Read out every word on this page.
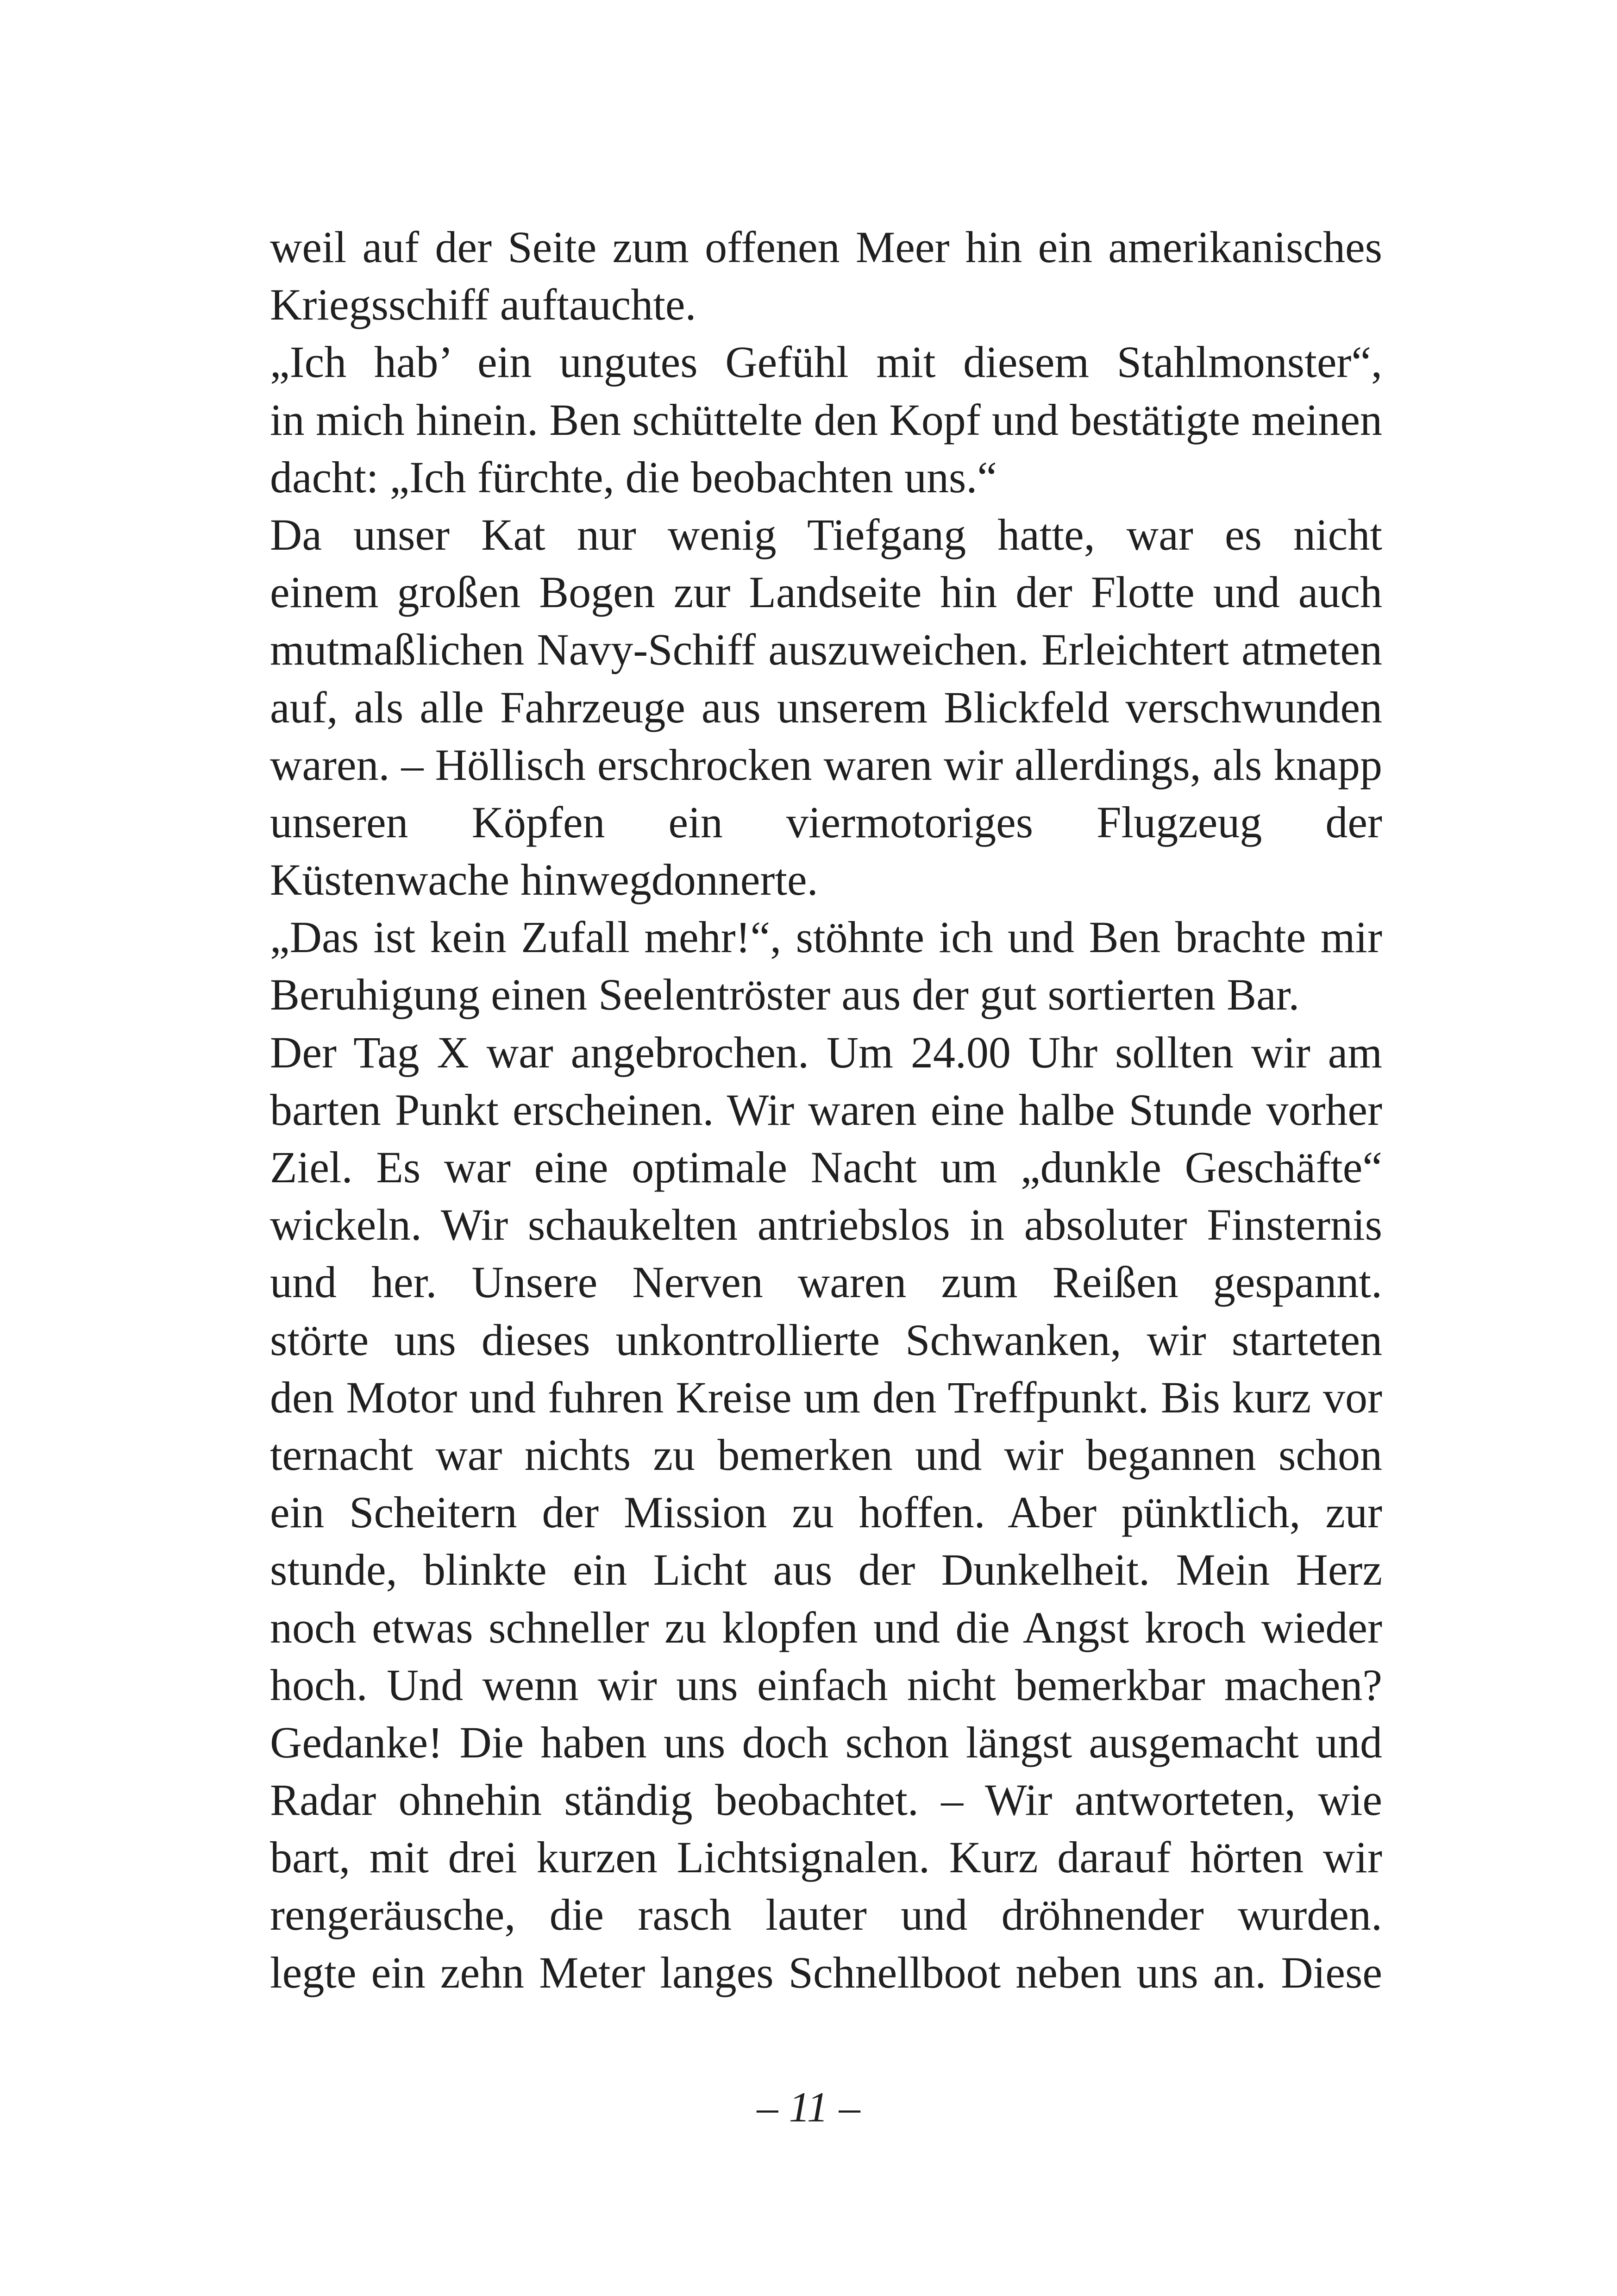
weil auf der Seite zum offenen Meer hin ein amerikanisches
Kriegsschiff auftauchte.
„Ich hab’ ein ungutes Gefühl mit diesem Stahlmonster“,
in mich hinein. Ben schüttelte den Kopf und bestätigte meinen
dacht: „Ich fürchte, die beobachten uns.“
Da unser Kat nur wenig Tiefgang hatte, war es nicht
einem großen Bogen zur Landseite hin der Flotte und auch
mutmaßlichen Navy-Schiff auszuweichen. Erleichtert atmeten
auf, als alle Fahrzeuge aus unserem Blickfeld verschwunden
waren. – Höllisch erschrocken waren wir allerdings, als knapp
unseren Köpfen ein viermotoriges Flugzeug der
Küstenwache hinwegdonnerte.
„Das ist kein Zufall mehr!“, stöhnte ich und Ben brachte mir
Beruhigung einen Seelentröster aus der gut sortierten Bar.
Der Tag X war angebrochen. Um 24.00 Uhr sollten wir am
barten Punkt erscheinen. Wir waren eine halbe Stunde vorher
Ziel. Es war eine optimale Nacht um „dunkle Geschäfte“
wickeln. Wir schaukelten antriebslos in absoluter Finsternis
und her. Unsere Nerven waren zum Reißen gespannt.
störte uns dieses unkontrollierte Schwanken, wir starteten
den Motor und fuhren Kreise um den Treffpunkt. Bis kurz vor
ternacht war nichts zu bemerken und wir begannen schon
ein Scheitern der Mission zu hoffen. Aber pünktlich, zur
stunde, blinkte ein Licht aus der Dunkelheit. Mein Herz
noch etwas schneller zu klopfen und die Angst kroch wieder
hoch. Und wenn wir uns einfach nicht bemerkbar machen?
Gedanke! Die haben uns doch schon längst ausgemacht und
Radar ohnehin ständig beobachtet. – Wir antworteten, wie
bart, mit drei kurzen Lichtsignalen. Kurz darauf hörten wir
rengeräusche, die rasch lauter und dröhnender wurden.
legte ein zehn Meter langes Schnellboot neben uns an. Diese
– 11 –
